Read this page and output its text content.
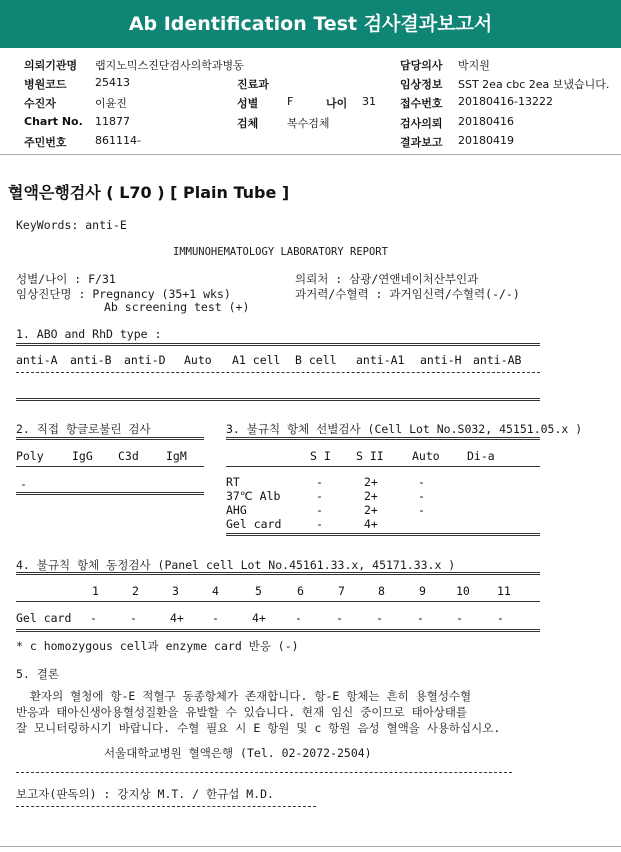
Ab Identification Test 검사결과보고서
의뢰기관명 랩지노믹스진단검사의학과병동	담당의사 박지원
병원코드	25413	진료과	임상정보 SST 2ea cbc 2ea 보냈습니다.
수진자	이윤진	성별	F	나이 31 접수번호 20180416-13222
Chart No. 11877	검체	복수검체	검사의뢰 20180416
주민번호	861114-	결과보고 20180419
혈액은행검사 ( L70 ) [ Plain Tube ]
KeyWords: anti-E
IMMUNOHEMATOLOGY LABORATORY REPORT
성별/나이 : F/31
임상진단명 : Pregnancy (35+1 wks)
Ab screening test (+)
의뢰처 : 삼광/연앤네이처산부인과
과거력/수혈력 : 과거임신력/수혈력(-/-)
1. ABO and RhD type :
anti-A anti-B anti-D Auto A1 cell B cell anti-A1 anti-H anti-AB
2. 직접 항글로불린 검사
Poly IgG C3d IgM
-
3. 불규칙 항체 선별검사 (Cell Lot No.S032, 45151.05.x )
S I S II Auto Di-a
RT	-	2+	-
37℃ Alb	-	2+	-
AHG	-	2+	-
Gel card	-	4+
4. 불규칙 항체 동정검사 (Panel cell Lot No.45161.33.x, 45171.33.x )
1	2	3	4	5	6	7	8	9	10 11
Gel card -	-	4+ -	4+	-	-	-	-	-	-
* c homozygous cell과 enzyme card 반응 (-)
5. 결론
환자의 혈청에 항-E 적혈구 동종항체가 존재합니다. 항-E 항체는 흔히 용혈성수혈
반응과 태아신생아용혈성질환을 유발할 수 있습니다. 현재 임신 중이므로 태아상태를
잘 모니터링하시기 바랍니다. 수혈 필요 시 E 항원 및 c 항원 음성 혈액을 사용하십시오.
서울대학교병원 혈액은행 (Tel. 02-2072-2504)
보고자(판독의) : 강지상 M.T. / 한규섭 M.D.
